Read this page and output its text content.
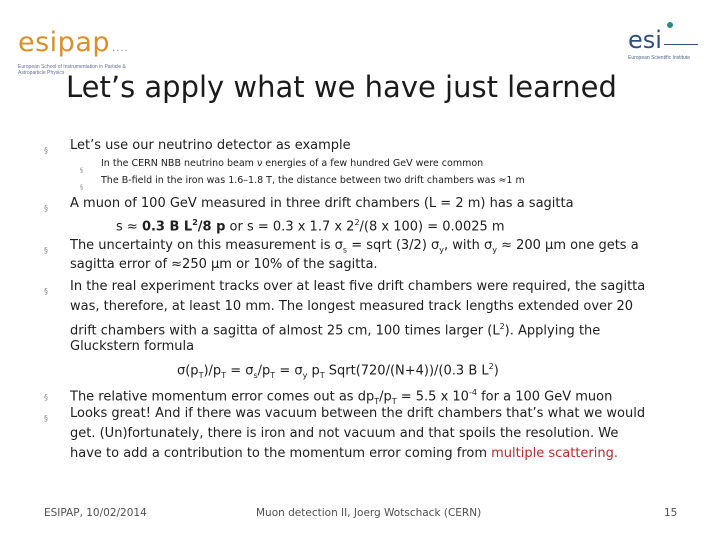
esipap ....
European School of Instrumentation in Particle & Astroparticle Physics
esi
European Scientific Institute
Let’s apply what we have just learned
§ Let’s use our neutrino detector as example
§
In the CERN NBB neutrino beam ν energies of a few hundred GeV were common
§
The B-field in the iron was 1.6–1.8 T, the distance between two drift chambers was ≈1 m
§ A muon of 100 GeV measured in three drift chambers (L = 2 m) has a sagitta
s ≈ 0.3 B $L^2/8$ p or s = 0.3 x 1.7 x $2^2/(8$ x 100) = 0.0025 m
§ The uncertainty on this measurement is $\sigma_s$ = sqrt (3/2) $\sigma_y$, with $\sigma_y \approx 200$ µm one gets a
sagitta error of ≈250 µm or 10% of the sagitta.
§ In the real experiment tracks over at least five drift chambers were required, the sagitta
was, therefore, at least 10 mm. The longest measured track lengths extended over 20
drift chambers with a sagitta of almost 25 cm, 100 times larger $(L^2)$. Applying the
Gluckstern formula
$\sigma(p_T)/p_T = \sigma_s/p_T = \sigma_y$ $p_T$ Sqrt(720/(N+4))/(0.3 B $L^2$)
§ The relative momentum error comes out as $dp_T/p_T = 5.5$ x $10^{-4}$ for a 100 GeV muon
§ Looks great! And if there was vacuum between the drift chambers that’s what we would
get. (Un)fortunately, there is iron and not vacuum and that spoils the resolution. We
have to add a contribution to the momentum error coming from multiple scattering.
ESIPAP, 10/02/2014	Muon detection II, Joerg Wotschack (CERN)	15
